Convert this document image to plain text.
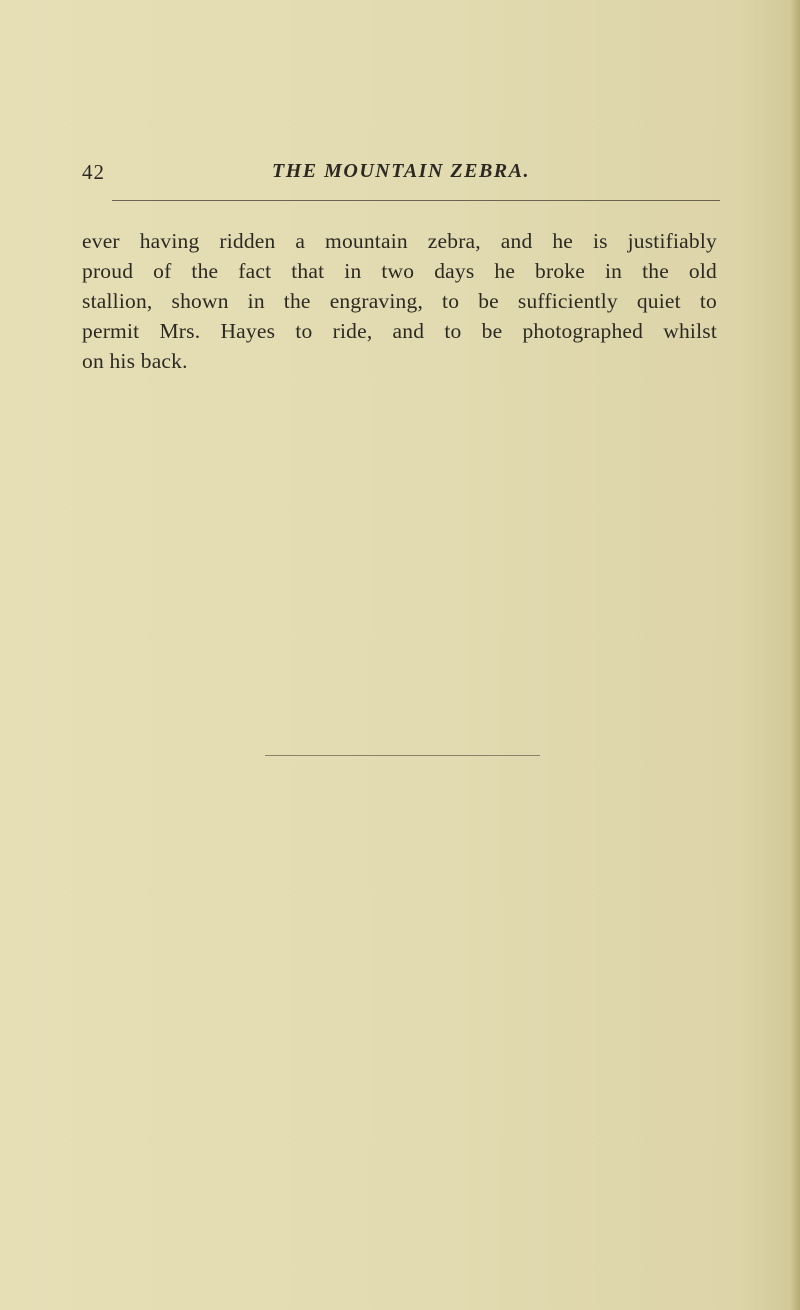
42	THE MOUNTAIN ZEBRA.
ever having ridden a mountain zebra, and he is justifiably
proud of the fact that in two days he broke in the old
stallion, shown in the engraving, to be sufficiently quiet to
permit Mrs. Hayes to ride, and to be photographed whilst
on his back.
